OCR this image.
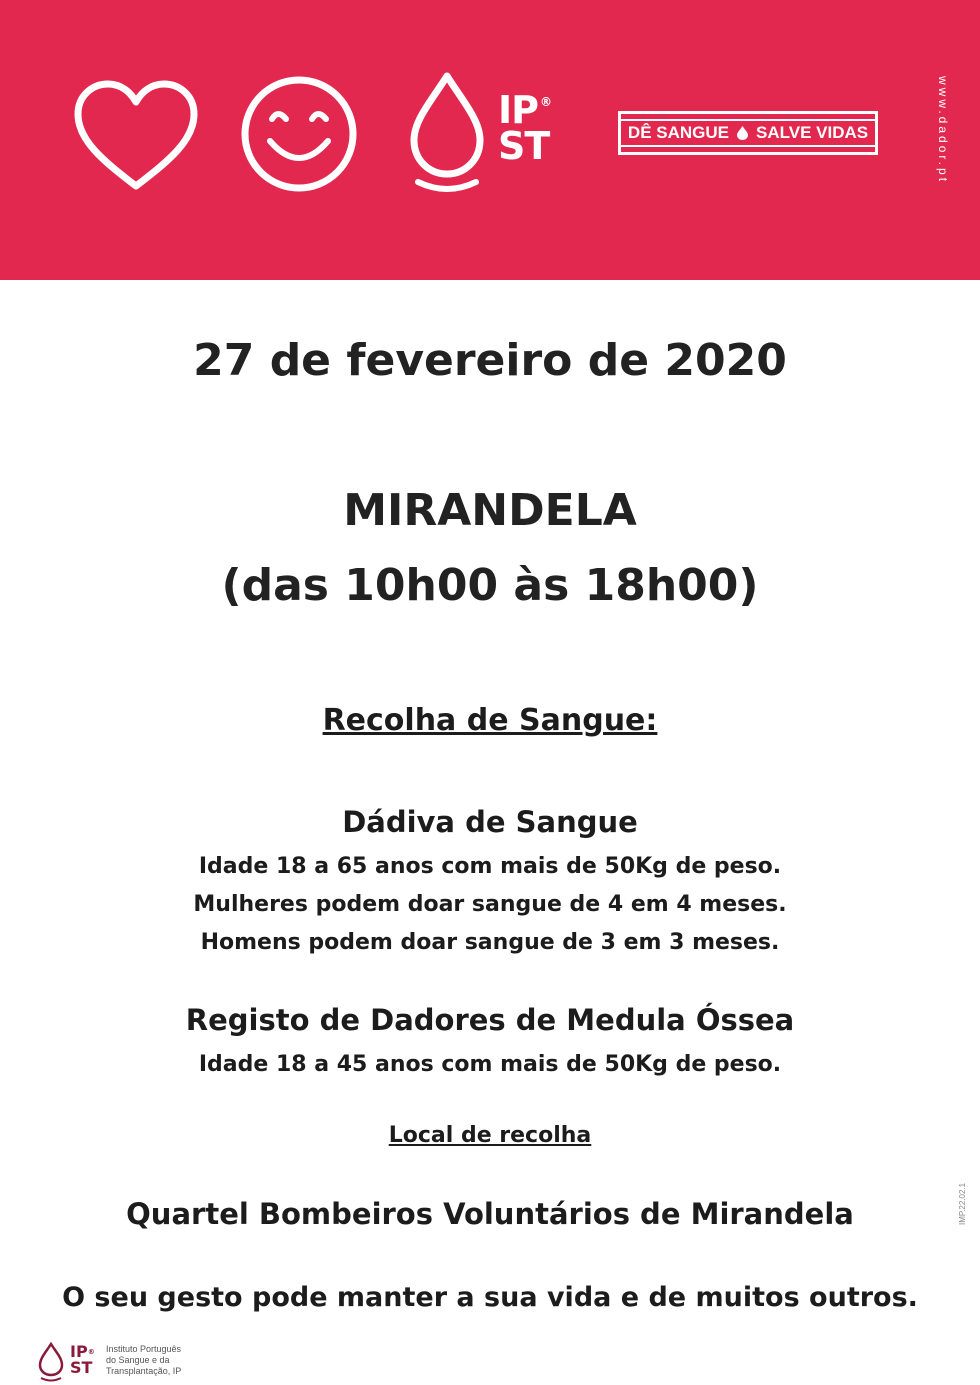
IP
ST
®
DÊ SANGUE SALVE VIDAS	www.dador.pt
27 de fevereiro de 2020
MIRANDELA
(das 10h00 às 18h00)
Recolha de Sangue:
Dádiva de Sangue
Idade 18 a 65 anos com mais de 50Kg de peso.
Mulheres podem doar sangue de 4 em 4 meses.
Homens podem doar sangue de 3 em 3 meses.
Registo de Dadores de Medula Óssea
Idade 18 a 45 anos com mais de 50Kg de peso.
Local de recolha
Quartel Bombeiros Voluntários de Mirandela
O seu gesto pode manter a sua vida e de muitos outros.
IP®
ST
Instituto Português
do Sangue e da
Transplantação, IP
IMP.22.02.1
